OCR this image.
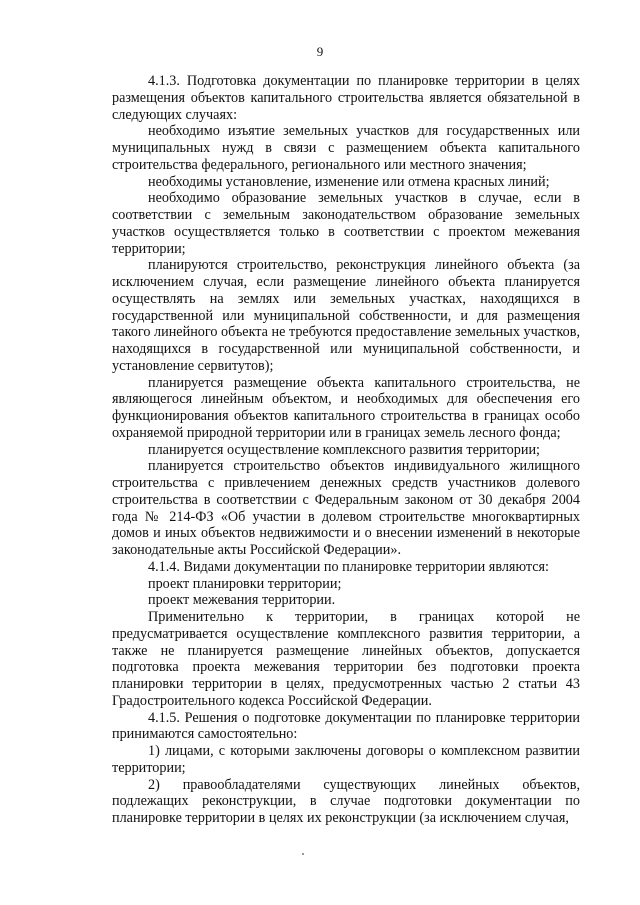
9

4.1.3. Подготовка документации по планировке территории в целях размещения объектов капитального строительства является обязательной в следующих случаях:

необходимо изъятие земельных участков для государственных или муниципальных нужд в связи с размещением объекта капитального строительства федерального, регионального или местного значения;

необходимы установление, изменение или отмена красных линий;

необходимо образование земельных участков в случае, если в соответствии с земельным законодательством образование земельных участков осуществляется только в соответствии с проектом межевания территории;

планируются строительство, реконструкция линейного объекта (за исключением случая, если размещение линейного объекта планируется осуществлять на землях или земельных участках, находящихся в государственной или муниципальной собственности, и для размещения такого линейного объекта не требуются предоставление земельных участков, находящихся в государственной или муниципальной собственности, и установление сервитутов);

планируется размещение объекта капитального строительства, не являющегося линейным объектом, и необходимых для обеспечения его функционирования объектов капитального строительства в границах особо охраняемой природной территории или в границах земель лесного фонда;

планируется осуществление комплексного развития территории;

планируется строительство объектов индивидуального жилищного строительства с привлечением денежных средств участников долевого строительства в соответствии с Федеральным законом от 30 декабря 2004 года № 214-ФЗ «Об участии в долевом строительстве многоквартирных домов и иных объектов недвижимости и о внесении изменений в некоторые законодательные акты Российской Федерации».

4.1.4. Видами документации по планировке территории являются:

проект планировки территории;

проект межевания территории.

Применительно к территории, в границах которой не предусматривается осуществление комплексного развития территории, а также не планируется размещение линейных объектов, допускается подготовка проекта межевания территории без подготовки проекта планировки территории в целях, предусмотренных частью 2 статьи 43 Градостроительного кодекса Российской Федерации.

4.1.5. Решения о подготовке документации по планировке территории принимаются самостоятельно:

1) лицами, с которыми заключены договоры о комплексном развитии территории;

2) правообладателями существующих линейных объектов, подлежащих реконструкции, в случае подготовки документации по планировке территории в целях их реконструкции (за исключением случая,
